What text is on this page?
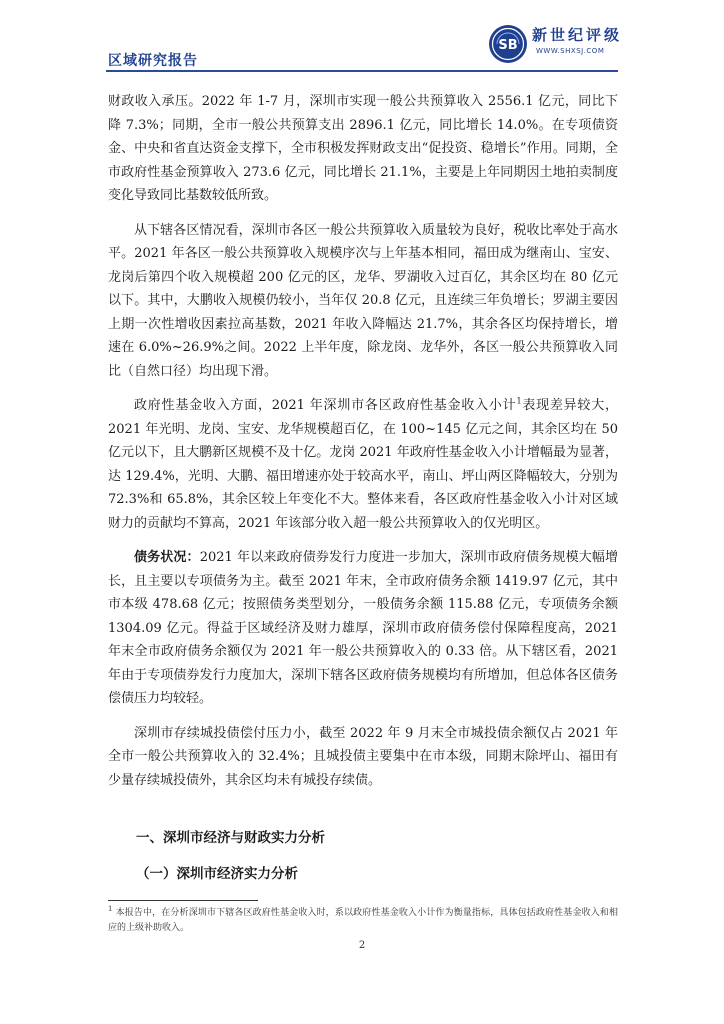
区域研究报告
SB
新世纪评级
WWW.SHXSJ.COM

财政收入承压。2022 年 1-7 月，深圳市实现一般公共预算收入 2556.1 亿元，同比下降 7.3%；同期，全市一般公共预算支出 2896.1 亿元，同比增长 14.0%。在专项债资金、中央和省直达资金支撑下，全市积极发挥财政支出“促投资、稳增长”作用。同期，全市政府性基金预算收入 273.6 亿元，同比增长 21.1%，主要是上年同期因土地拍卖制度变化导致同比基数较低所致。

从下辖各区情况看，深圳市各区一般公共预算收入质量较为良好，税收比率处于高水平。2021 年各区一般公共预算收入规模序次与上年基本相同，福田成为继南山、宝安、龙岗后第四个收入规模超 200 亿元的区，龙华、罗湖收入过百亿，其余区均在 80 亿元以下。其中，大鹏收入规模仍较小，当年仅 20.8 亿元，且连续三年负增长；罗湖主要因上期一次性增收因素拉高基数，2021 年收入降幅达 21.7%，其余各区均保持增长，增速在 6.0%~26.9%之间。2022 上半年度，除龙岗、龙华外，各区一般公共预算收入同比（自然口径）均出现下滑。

政府性基金收入方面，2021 年深圳市各区政府性基金收入小计$^1$表现差异较大，2021 年光明、龙岗、宝安、龙华规模超百亿，在 100~145 亿元之间，其余区均在 50 亿元以下，且大鹏新区规模不及十亿。龙岗 2021 年政府性基金收入小计增幅最为显著，达 129.4%，光明、大鹏、福田增速亦处于较高水平，南山、坪山两区降幅较大，分别为 72.3%和 65.8%，其余区较上年变化不大。整体来看，各区政府性基金收入小计对区域财力的贡献均不算高，2021 年该部分收入超一般公共预算收入的仅光明区。

债务状况：2021 年以来政府债券发行力度进一步加大，深圳市政府债务规模大幅增长，且主要以专项债务为主。截至 2021 年末，全市政府债务余额 1419.97 亿元，其中市本级 478.68 亿元；按照债务类型划分，一般债务余额 115.88 亿元，专项债务余额 1304.09 亿元。得益于区域经济及财力雄厚，深圳市政府债务偿付保障程度高，2021 年末全市政府债务余额仅为 2021 年一般公共预算收入的 0.33 倍。从下辖区看，2021 年由于专项债券发行力度加大，深圳下辖各区政府债务规模均有所增加，但总体各区债务偿债压力均较轻。

深圳市存续城投债偿付压力小，截至 2022 年 9 月末全市城投债余额仅占 2021 年全市一般公共预算收入的 32.4%；且城投债主要集中在市本级，同期末除坪山、福田有少量存续城投债外，其余区均未有城投存续债。

一、深圳市经济与财政实力分析
（一）深圳市经济实力分析
$^1$ 本报告中，在分析深圳市下辖各区政府性基金收入时，系以政府性基金收入小计作为衡量指标，具体包括政府性基金收入和相应的上级补助收入。
2
